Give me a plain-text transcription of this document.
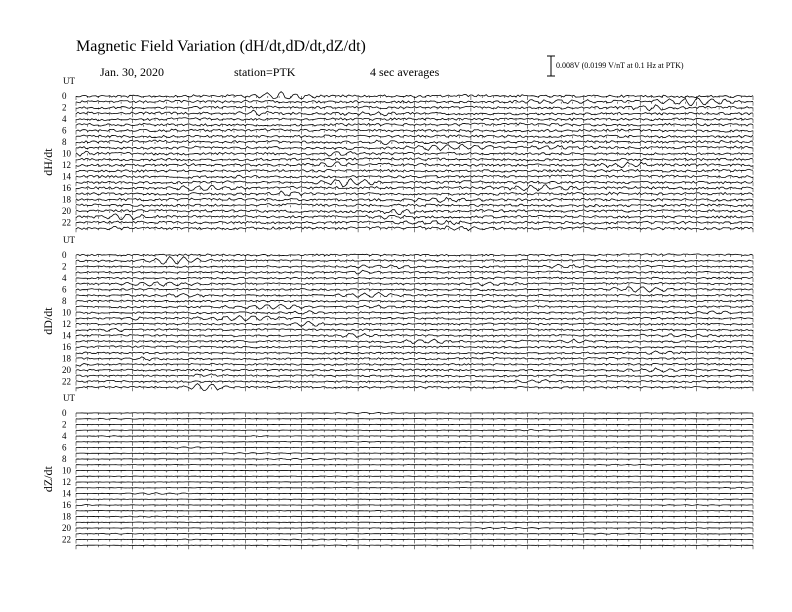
Magnetic Field Variation (dH/dt,dD/dt,dZ/dt)
Jan. 30, 2020	station=PTK	4 sec averages	0.008V (0.0199 V/nT at 0.1 Hz at PTK)
UT
dH/dt
0
2
4
6
8
10
12
14
16
18
20
22
UT
dD/dt
0
2
4
6
8
10
12
14
16
18
20
22
UT
dZ/dt
0
2
4
6
8
10
12
14
16
18
20
22
